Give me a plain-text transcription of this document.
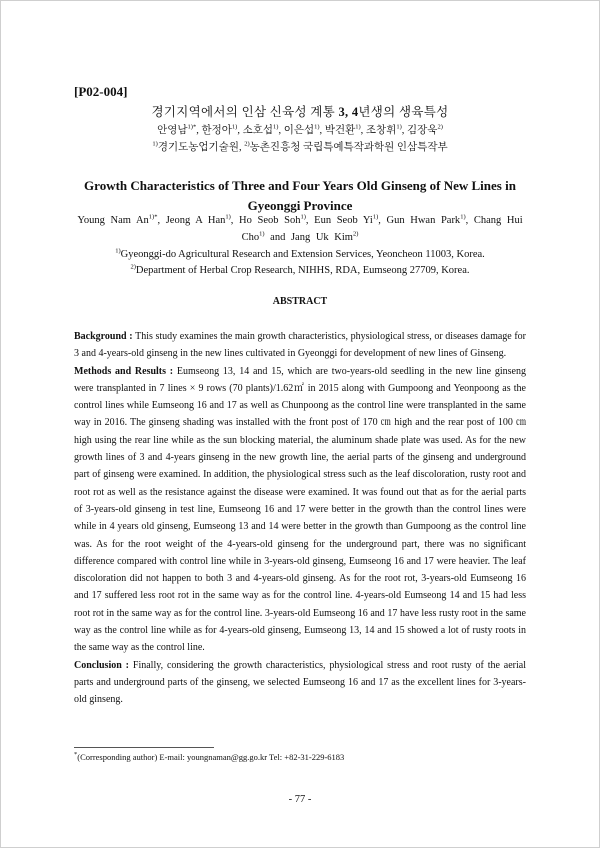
[P02-004]
경기지역에서의 인삼 신육성 계통 3, 4년생의 생육특성
안영남$^{1)*}$, 한정아$^{1)}$, 소호섭$^{1)}$, 이은섭$^{1)}$, 박건환$^{1)}$, 조창휘$^{1)}$, 김장욱$^{2)}$
$^{1)}$경기도농업기술원, $^{2)}$농촌진흥청 국립특예특작과학원 인삼특작부
Growth Characteristics of Three and Four Years Old Ginseng of New Lines in Gyeonggi Province
Young Nam $An^{1)*}$, Jeong A Han$^{1)}$, Ho Seob Soh$^{1)}$, Eun Seob Yi$^{1)}$, Gun Hwan Park$^{1)}$, Chang Hui Cho$^{1)}$ and Jang Uk Kim$^{2)}$
$^{1)}$Gyeonggi-do Agricultural Research and Extension Services, Yeoncheon 11003, Korea.
$^{2)}$Department of Herbal Crop Research, NIHHS, RDA, Eumseong 27709, Korea.
ABSTRACT

Background : This study examines the main growth characteristics, physiological stress, or diseases damage for 3 and 4-years-old ginseng in the new lines cultivated in Gyeonggi for development of new lines of Ginseng.

Methods and Results : Eumseong 13, 14 and 15, which are two-years-old seedling in the new line ginseng were transplanted in 7 lines × 9 rows (70 plants)/1.62㎡ in 2015 along with Gumpoong and Yeonpoong as the control lines while Eumseong 16 and 17 as well as Chunpoong as the control line were transplanted in the same way in 2016. The ginseng shading was installed with the front post of 170 ㎝ high and the rear post of 100 ㎝ high using the rear line while as the sun blocking material, the aluminum shade plate was used. As for the new growth lines of 3 and 4-years ginseng in the new growth line, the aerial parts of the ginseng and underground part of ginseng were examined. In addition, the physiological stress such as the leaf discoloration, rusty root and root rot as well as the resistance against the disease were examined. It was found out that as for the aerial parts of 3-years-old ginseng in test line, Eumseong 16 and 17 were better in the growth than the control lines were while in 4 years old ginseng, Eumseong 13 and 14 were better in the growth than Gumpoong as the control line was. As for the root weight of the 4-years-old ginseng for the underground part, there was no significant difference compared with control line while in 3-years-old ginseng, Eumseong 16 and 17 were heavier. The leaf discoloration did not happen to both 3 and 4-years-old ginseng. As for the root rot, 3-years-old Eumseong 16 and 17 suffered less root rot in the same way as for the control line. 4-years-old Eumseong 14 and 15 had less root rot in the same way as for the control line. 3-years-old Eumseong 16 and 17 have less rusty root in the same way as the control line while as for 4-years-old ginseng, Eumseong 13, 14 and 15 showed a lot of rusty roots in the same way as the control line.

Conclusion : Finally, considering the growth characteristics, physiological stress and root rusty of the aerial parts and underground parts of the ginseng, we selected Eumseong 16 and 17 as the excellent lines for 3-years-old ginseng.

*(Corresponding author) E-mail: youngnaman@gg.go.kr Tel: +82-31-229-6183
- 77 -
